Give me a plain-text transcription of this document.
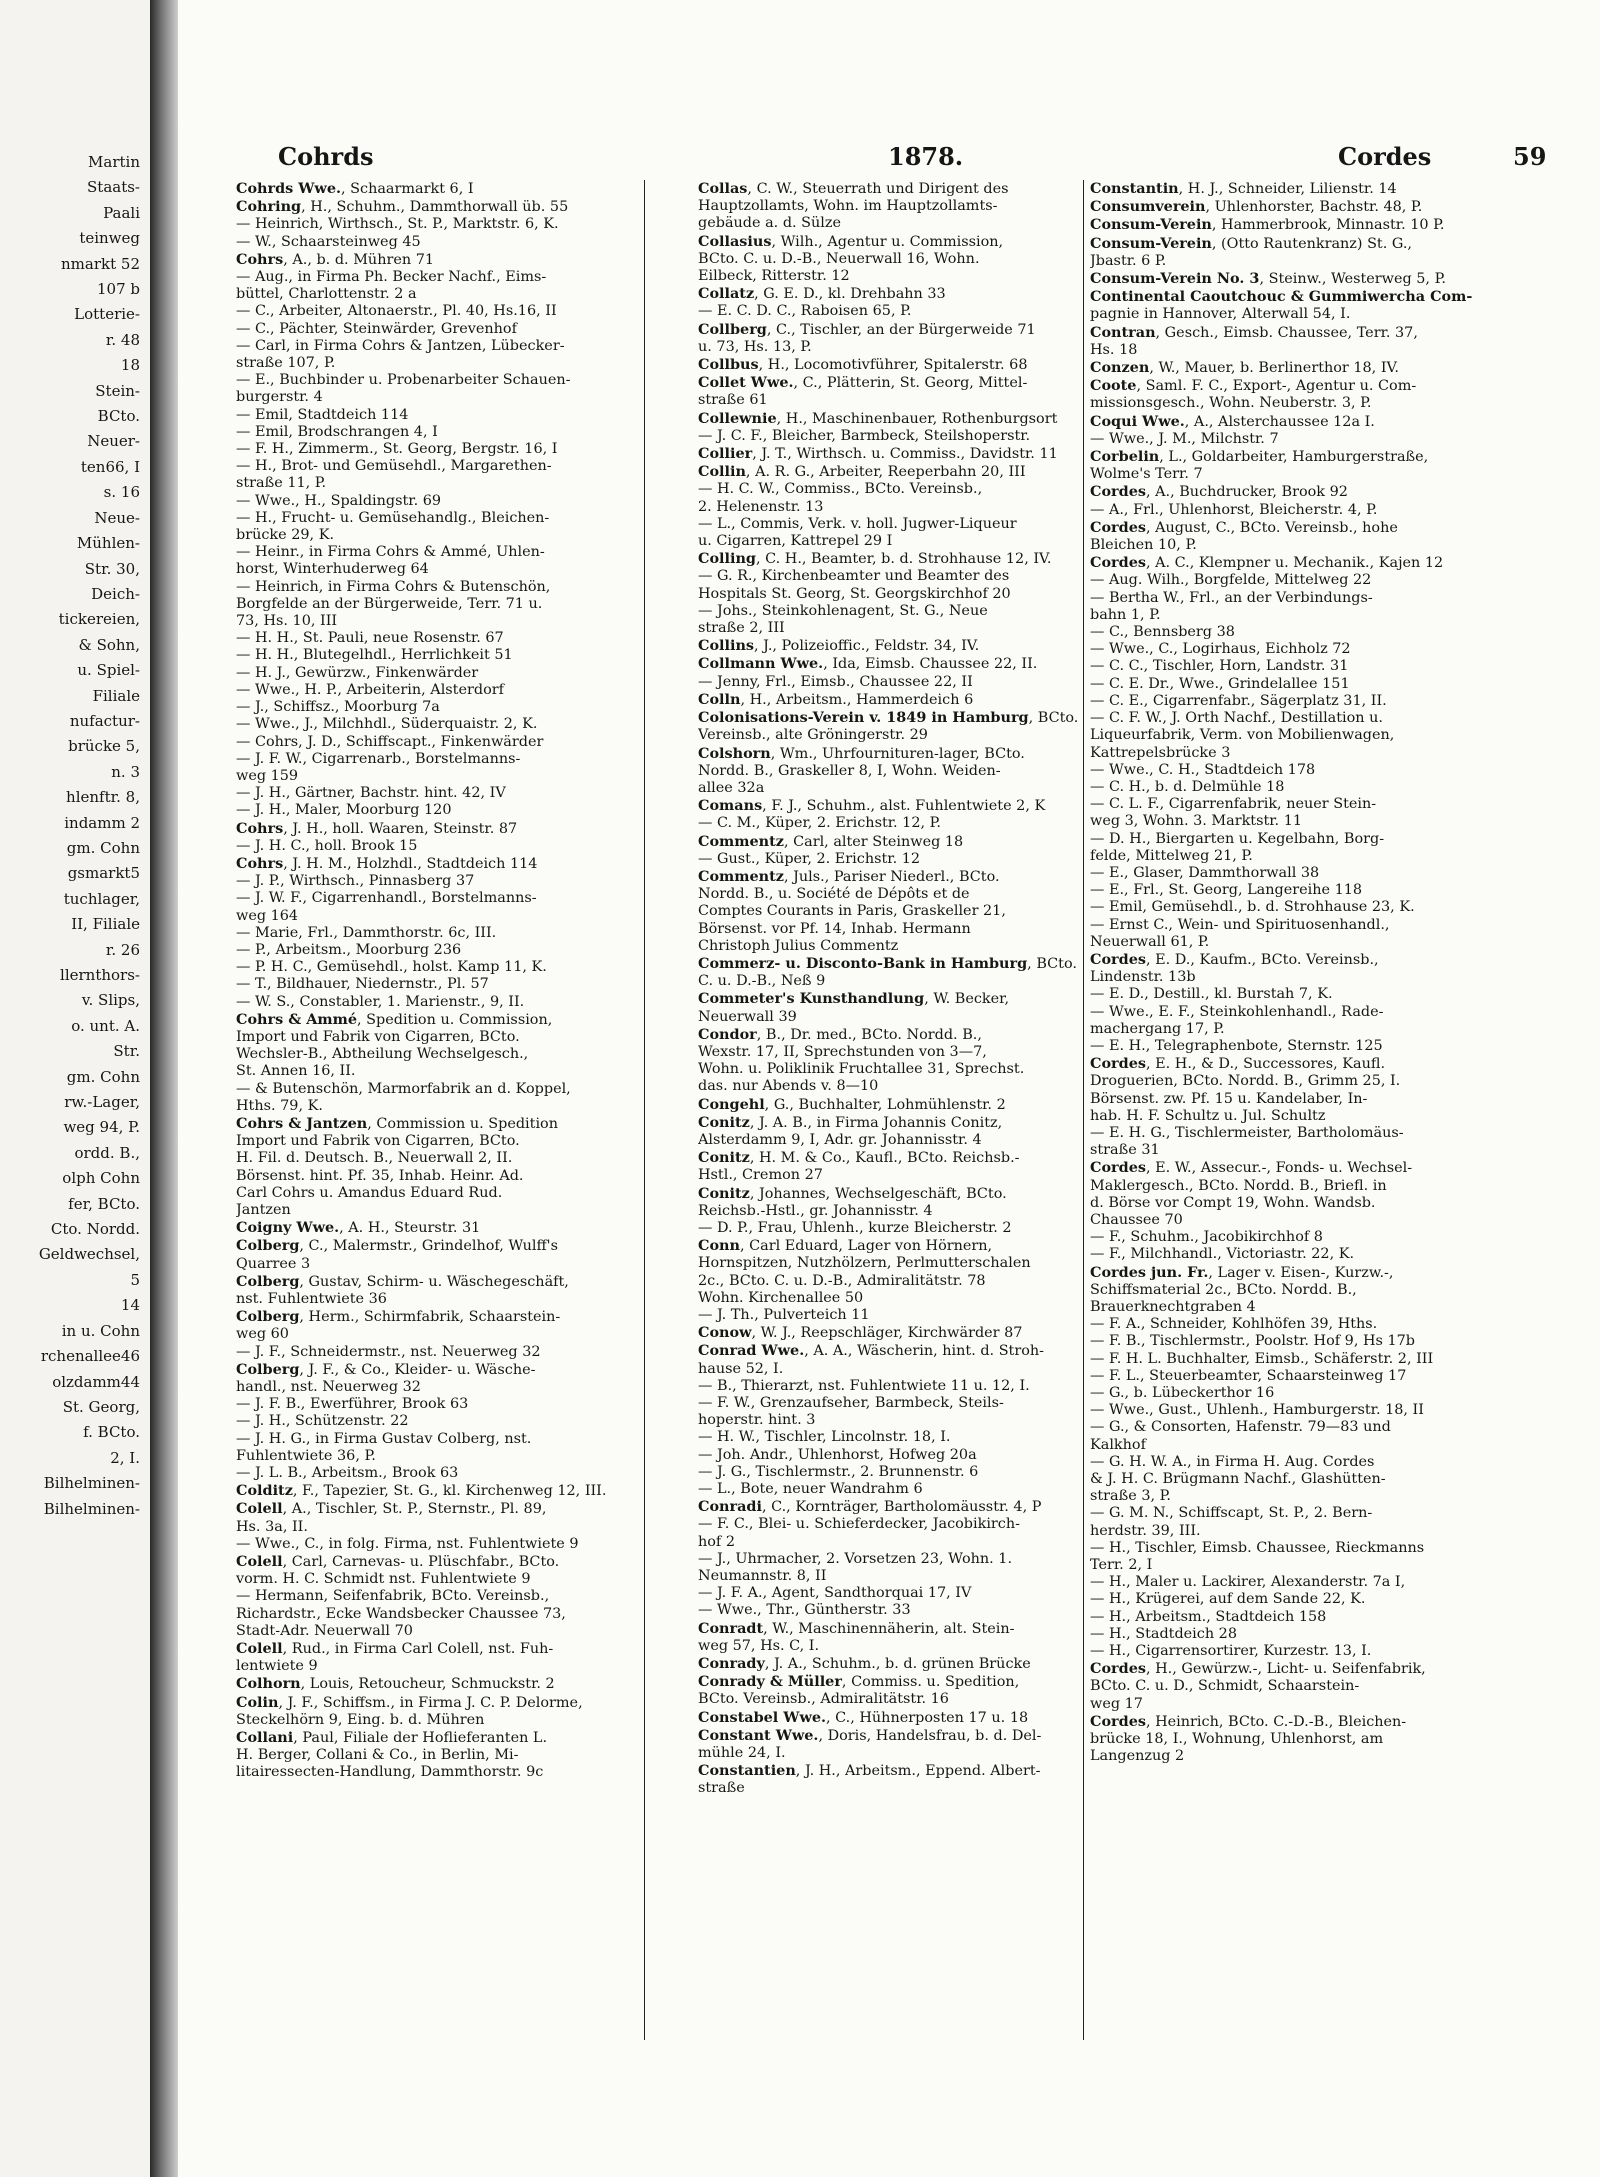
Martin
Staats-
Paali
teinweg
nmarkt 52
107 b
Lotterie-
r. 48
18
Stein-
BCto.
Neuer-
ten66, I
s. 16
Neue-
Mühlen-
Str. 30,
Deich-
tickereien,
& Sohn,
u. Spiel-
Filiale
nufactur-
brücke 5,
n. 3
hlenftr. 8,
indamm 2
gm. Cohn
gsmarkt5
tuchlager,
II, Filiale
r. 26
llernthors-
v. Slips,
o. unt. A.
Str.
gm. Cohn
rw.-Lager,
weg 94, P.
ordd. B.,
olph Cohn
fer, BCto.
Cto. Nordd.
Geldwechsel,
5
14
in u. Cohn
rchenallee46
olzdamm44
St. Georg,
f. BCto.
2, I.
Bilhelminen-
Bilhelminen-
Cohrds	1878.	Cordes	59
Cohrds Wwe., Schaarmarkt 6, I
Cohring, H., Schuhm., Dammthorwall üb. 55
— Heinrich, Wirthsch., St. P., Marktstr. 6, K.
— W., Schaarsteinweg 45
Cohrs, A., b. d. Mühren 71
— Aug., in Firma Ph. Becker Nachf., Eims-
büttel, Charlottenstr. 2 a
— C., Arbeiter, Altonaerstr., Pl. 40, Hs.16, II
— C., Pächter, Steinwärder, Grevenhof
— Carl, in Firma Cohrs & Jantzen, Lübecker-
straße 107, P.
— E., Buchbinder u. Probenarbeiter Schauen-
burgerstr. 4
— Emil, Stadtdeich 114
— Emil, Brodschrangen 4, I
— F. H., Zimmerm., St. Georg, Bergstr. 16, I
— H., Brot- und Gemüsehdl., Margarethen-
straße 11, P.
— Wwe., H., Spaldingstr. 69
— H., Frucht- u. Gemüsehandlg., Bleichen-
brücke 29, K.
— Heinr., in Firma Cohrs & Ammé, Uhlen-
horst, Winterhuderweg 64
— Heinrich, in Firma Cohrs & Butenschön,
Borgfelde an der Bürgerweide, Terr. 71 u.
73, Hs. 10, III
— H. H., St. Pauli, neue Rosenstr. 67
— H. H., Blutegelhdl., Herrlichkeit 51
— H. J., Gewürzw., Finkenwärder
— Wwe., H. P., Arbeiterin, Alsterdorf
— J., Schiffsz., Moorburg 7a
— Wwe., J., Milchhdl., Süderquaistr. 2, K.
— Cohrs, J. D., Schiffscapt., Finkenwärder
— J. F. W., Cigarrenarb., Borstelmanns-
weg 159
— J. H., Gärtner, Bachstr. hint. 42, IV
— J. H., Maler, Moorburg 120
Cohrs, J. H., holl. Waaren, Steinstr. 87
— J. H. C., holl. Brook 15
Cohrs, J. H. M., Holzhdl., Stadtdeich 114
— J. P., Wirthsch., Pinnasberg 37
— J. W. F., Cigarrenhandl., Borstelmanns-
weg 164
— Marie, Frl., Dammthorstr. 6c, III.
— P., Arbeitsm., Moorburg 236
— P. H. C., Gemüsehdl., holst. Kamp 11, K.
— T., Bildhauer, Niedernstr., Pl. 57
— W. S., Constabler, 1. Marienstr., 9, II.
Cohrs & Ammé, Spedition u. Commission,
Import und Fabrik von Cigarren, BCto.
Wechsler-B., Abtheilung Wechselgesch.,
St. Annen 16, II.
— & Butenschön, Marmorfabrik an d. Koppel,
Hths. 79, K.
Cohrs & Jantzen, Commission u. Spedition
Import und Fabrik von Cigarren, BCto.
H. Fil. d. Deutsch. B., Neuerwall 2, II.
Börsenst. hint. Pf. 35, Inhab. Heinr. Ad.
Carl Cohrs u. Amandus Eduard Rud.
Jantzen
Coigny Wwe., A. H., Steurstr. 31
Colberg, C., Malermstr., Grindelhof, Wulff's
Quarree 3
Colberg, Gustav, Schirm- u. Wäschegeschäft,
nst. Fuhlentwiete 36
Colberg, Herm., Schirmfabrik, Schaarstein-
weg 60
— J. F., Schneidermstr., nst. Neuerweg 32
Colberg, J. F., & Co., Kleider- u. Wäsche-
handl., nst. Neuerweg 32
— J. F. B., Ewerführer, Brook 63
— J. H., Schützenstr. 22
— J. H. G., in Firma Gustav Colberg, nst.
Fuhlentwiete 36, P.
— J. L. B., Arbeitsm., Brook 63
Colditz, F., Tapezier, St. G., kl. Kirchenweg 12, III.
Colell, A., Tischler, St. P., Sternstr., Pl. 89,
Hs. 3a, II.
— Wwe., C., in folg. Firma, nst. Fuhlentwiete 9
Colell, Carl, Carnevas- u. Plüschfabr., BCto.
vorm. H. C. Schmidt nst. Fuhlentwiete 9
— Hermann, Seifenfabrik, BCto. Vereinsb.,
Richardstr., Ecke Wandsbecker Chaussee 73,
Stadt-Adr. Neuerwall 70
Colell, Rud., in Firma Carl Colell, nst. Fuh-
lentwiete 9
Colhorn, Louis, Retoucheur, Schmuckstr. 2
Colin, J. F., Schiffsm., in Firma J. C. P. Delorme,
Steckelhörn 9, Eing. b. d. Mühren
Collani, Paul, Filiale der Hoflieferanten L.
H. Berger, Collani & Co., in Berlin, Mi-
litairessecten-Handlung, Dammthorstr. 9c
Collas, C. W., Steuerrath und Dirigent des
Hauptzollamts, Wohn. im Hauptzollamts-
gebäude a. d. Sülze
Collasius, Wilh., Agentur u. Commission,
BCto. C. u. D.-B., Neuerwall 16, Wohn.
Eilbeck, Ritterstr. 12
Collatz, G. E. D., kl. Drehbahn 33
— E. C. D. C., Raboisen 65, P.
Collberg, C., Tischler, an der Bürgerweide 71
u. 73, Hs. 13, P.
Collbus, H., Locomotivführer, Spitalerstr. 68
Collet Wwe., C., Plätterin, St. Georg, Mittel-
straße 61
Collewnie, H., Maschinenbauer, Rothenburgsort
— J. C. F., Bleicher, Barmbeck, Steilshoperstr.
Collier, J. T., Wirthsch. u. Commiss., Davidstr. 11
Collin, A. R. G., Arbeiter, Reeperbahn 20, III
— H. C. W., Commiss., BCto. Vereinsb.,
2. Helenenstr. 13
— L., Commis, Verk. v. holl. Jugwer-Liqueur
u. Cigarren, Kattrepel 29 I
Colling, C. H., Beamter, b. d. Strohhause 12, IV.
— G. R., Kirchenbeamter und Beamter des
Hospitals St. Georg, St. Georgskirchhof 20
— Johs., Steinkohlenagent, St. G., Neue
straße 2, III
Collins, J., Polizeioffic., Feldstr. 34, IV.
Collmann Wwe., Ida, Eimsb. Chaussee 22, II.
— Jenny, Frl., Eimsb., Chaussee 22, II
Colln, H., Arbeitsm., Hammerdeich 6
Colonisations-Verein v. 1849 in Hamburg, BCto.
Vereinsb., alte Gröningerstr. 29
Colshorn, Wm., Uhrfournituren-lager, BCto.
Nordd. B., Graskeller 8, I, Wohn. Weiden-
allee 32a
Comans, F. J., Schuhm., alst. Fuhlentwiete 2, K
— C. M., Küper, 2. Erichstr. 12, P.
Commentz, Carl, alter Steinweg 18
— Gust., Küper, 2. Erichstr. 12
Commentz, Juls., Pariser Niederl., BCto.
Nordd. B., u. Société de Dépôts et de
Comptes Courants in Paris, Graskeller 21,
Börsenst. vor Pf. 14, Inhab. Hermann
Christoph Julius Commentz
Commerz- u. Disconto-Bank in Hamburg, BCto.
C. u. D.-B., Neß 9
Commeter's Kunsthandlung, W. Becker,
Neuerwall 39
Condor, B., Dr. med., BCto. Nordd. B.,
Wexstr. 17, II, Sprechstunden von 3—7,
Wohn. u. Poliklinik Fruchtallee 31, Sprechst.
das. nur Abends v. 8—10
Congehl, G., Buchhalter, Lohmühlenstr. 2
Conitz, J. A. B., in Firma Johannis Conitz,
Alsterdamm 9, I, Adr. gr. Johannisstr. 4
Conitz, H. M. & Co., Kaufl., BCto. Reichsb.-
Hstl., Cremon 27
Conitz, Johannes, Wechselgeschäft, BCto.
Reichsb.-Hstl., gr. Johannisstr. 4
— D. P., Frau, Uhlenh., kurze Bleicherstr. 2
Conn, Carl Eduard, Lager von Hörnern,
Hornspitzen, Nutzhölzern, Perlmutterschalen
2c., BCto. C. u. D.-B., Admiralitätstr. 78
Wohn. Kirchenallee 50
— J. Th., Pulverteich 11
Conow, W. J., Reepschläger, Kirchwärder 87
Conrad Wwe., A. A., Wäscherin, hint. d. Stroh-
hause 52, I.
— B., Thierarzt, nst. Fuhlentwiete 11 u. 12, I.
— F. W., Grenzaufseher, Barmbeck, Steils-
hoperstr. hint. 3
— H. W., Tischler, Lincolnstr. 18, I.
— Joh. Andr., Uhlenhorst, Hofweg 20a
— J. G., Tischlermstr., 2. Brunnenstr. 6
— L., Bote, neuer Wandrahm 6
Conradi, C., Kornträger, Bartholomäusstr. 4, P
— F. C., Blei- u. Schieferdecker, Jacobikirch-
hof 2
— J., Uhrmacher, 2. Vorsetzen 23, Wohn. 1.
Neumannstr. 8, II
— J. F. A., Agent, Sandthorquai 17, IV
— Wwe., Thr., Güntherstr. 33
Conradt, W., Maschinennäherin, alt. Stein-
weg 57, Hs. C, I.
Conrady, J. A., Schuhm., b. d. grünen Brücke
Conrady & Müller, Commiss. u. Spedition,
BCto. Vereinsb., Admiralitätstr. 16
Constabel Wwe., C., Hühnerposten 17 u. 18
Constant Wwe., Doris, Handelsfrau, b. d. Del-
mühle 24, I.
Constantien, J. H., Arbeitsm., Eppend. Albert-
straße
Constantin, H. J., Schneider, Lilienstr. 14
Consumverein, Uhlenhorster, Bachstr. 48, P.
Consum-Verein, Hammerbrook, Minnastr. 10 P.
Consum-Verein, (Otto Rautenkranz) St. G.,
Jbastr. 6 P.
Consum-Verein No. 3, Steinw., Westerweg 5, P.
Continental Caoutchouc & Gummiwercha Com-
pagnie in Hannover, Alterwall 54, I.
Contran, Gesch., Eimsb. Chaussee, Terr. 37,
Hs. 18
Conzen, W., Mauer, b. Berlinerthor 18, IV.
Coote, Saml. F. C., Export-, Agentur u. Com-
missionsgesch., Wohn. Neuberstr. 3, P.
Coqui Wwe., A., Alsterchaussee 12a I.
— Wwe., J. M., Milchstr. 7
Corbelin, L., Goldarbeiter, Hamburgerstraße,
Wolme's Terr. 7
Cordes, A., Buchdrucker, Brook 92
— A., Frl., Uhlenhorst, Bleicherstr. 4, P.
Cordes, August, C., BCto. Vereinsb., hohe
Bleichen 10, P.
Cordes, A. C., Klempner u. Mechanik., Kajen 12
— Aug. Wilh., Borgfelde, Mittelweg 22
— Bertha W., Frl., an der Verbindungs-
bahn 1, P.
— C., Bennsberg 38
— Wwe., C., Logirhaus, Eichholz 72
— C. C., Tischler, Horn, Landstr. 31
— C. E. Dr., Wwe., Grindelallee 151
— C. E., Cigarrenfabr., Sägerplatz 31, II.
— C. F. W., J. Orth Nachf., Destillation u.
Liqueurfabrik, Verm. von Mobilienwagen,
Kattrepelsbrücke 3
— Wwe., C. H., Stadtdeich 178
— C. H., b. d. Delmühle 18
— C. L. F., Cigarrenfabrik, neuer Stein-
weg 3, Wohn. 3. Marktstr. 11
— D. H., Biergarten u. Kegelbahn, Borg-
felde, Mittelweg 21, P.
— E., Glaser, Dammthorwall 38
— E., Frl., St. Georg, Langereihe 118
— Emil, Gemüsehdl., b. d. Strohhause 23, K.
— Ernst C., Wein- und Spirituosenhandl.,
Neuerwall 61, P.
Cordes, E. D., Kaufm., BCto. Vereinsb.,
Lindenstr. 13b
— E. D., Destill., kl. Burstah 7, K.
— Wwe., E. F., Steinkohlenhandl., Rade-
machergang 17, P.
— E. H., Telegraphenbote, Sternstr. 125
Cordes, E. H., & D., Successores, Kaufl.
Droguerien, BCto. Nordd. B., Grimm 25, I.
Börsenst. zw. Pf. 15 u. Kandelaber, In-
hab. H. F. Schultz u. Jul. Schultz
— E. H. G., Tischlermeister, Bartholomäus-
straße 31
Cordes, E. W., Assecur.-, Fonds- u. Wechsel-
Maklergesch., BCto. Nordd. B., Briefl. in
d. Börse vor Compt 19, Wohn. Wandsb.
Chaussee 70
— F., Schuhm., Jacobikirchhof 8
— F., Milchhandl., Victoriastr. 22, K.
Cordes jun. Fr., Lager v. Eisen-, Kurzw.-,
Schiffsmaterial 2c., BCto. Nordd. B.,
Brauerknechtgraben 4
— F. A., Schneider, Kohlhöfen 39, Hths.
— F. B., Tischlermstr., Poolstr. Hof 9, Hs 17b
— F. H. L. Buchhalter, Eimsb., Schäferstr. 2, III
— F. L., Steuerbeamter, Schaarsteinweg 17
— G., b. Lübeckerthor 16
— Wwe., Gust., Uhlenh., Hamburgerstr. 18, II
— G., & Consorten, Hafenstr. 79—83 und
Kalkhof
— G. H. W. A., in Firma H. Aug. Cordes
& J. H. C. Brügmann Nachf., Glashütten-
straße 3, P.
— G. M. N., Schiffscapt, St. P., 2. Bern-
herdstr. 39, III.
— H., Tischler, Eimsb. Chaussee, Rieckmanns
Terr. 2, I
— H., Maler u. Lackirer, Alexanderstr. 7a I,
— H., Krügerei, auf dem Sande 22, K.
— H., Arbeitsm., Stadtdeich 158
— H., Stadtdeich 28
— H., Cigarrensortirer, Kurzestr. 13, I.
Cordes, H., Gewürzw.-, Licht- u. Seifenfabrik,
BCto. C. u. D., Schmidt, Schaarstein-
weg 17
Cordes, Heinrich, BCto. C.-D.-B., Bleichen-
brücke 18, I., Wohnung, Uhlenhorst, am
Langenzug 2
